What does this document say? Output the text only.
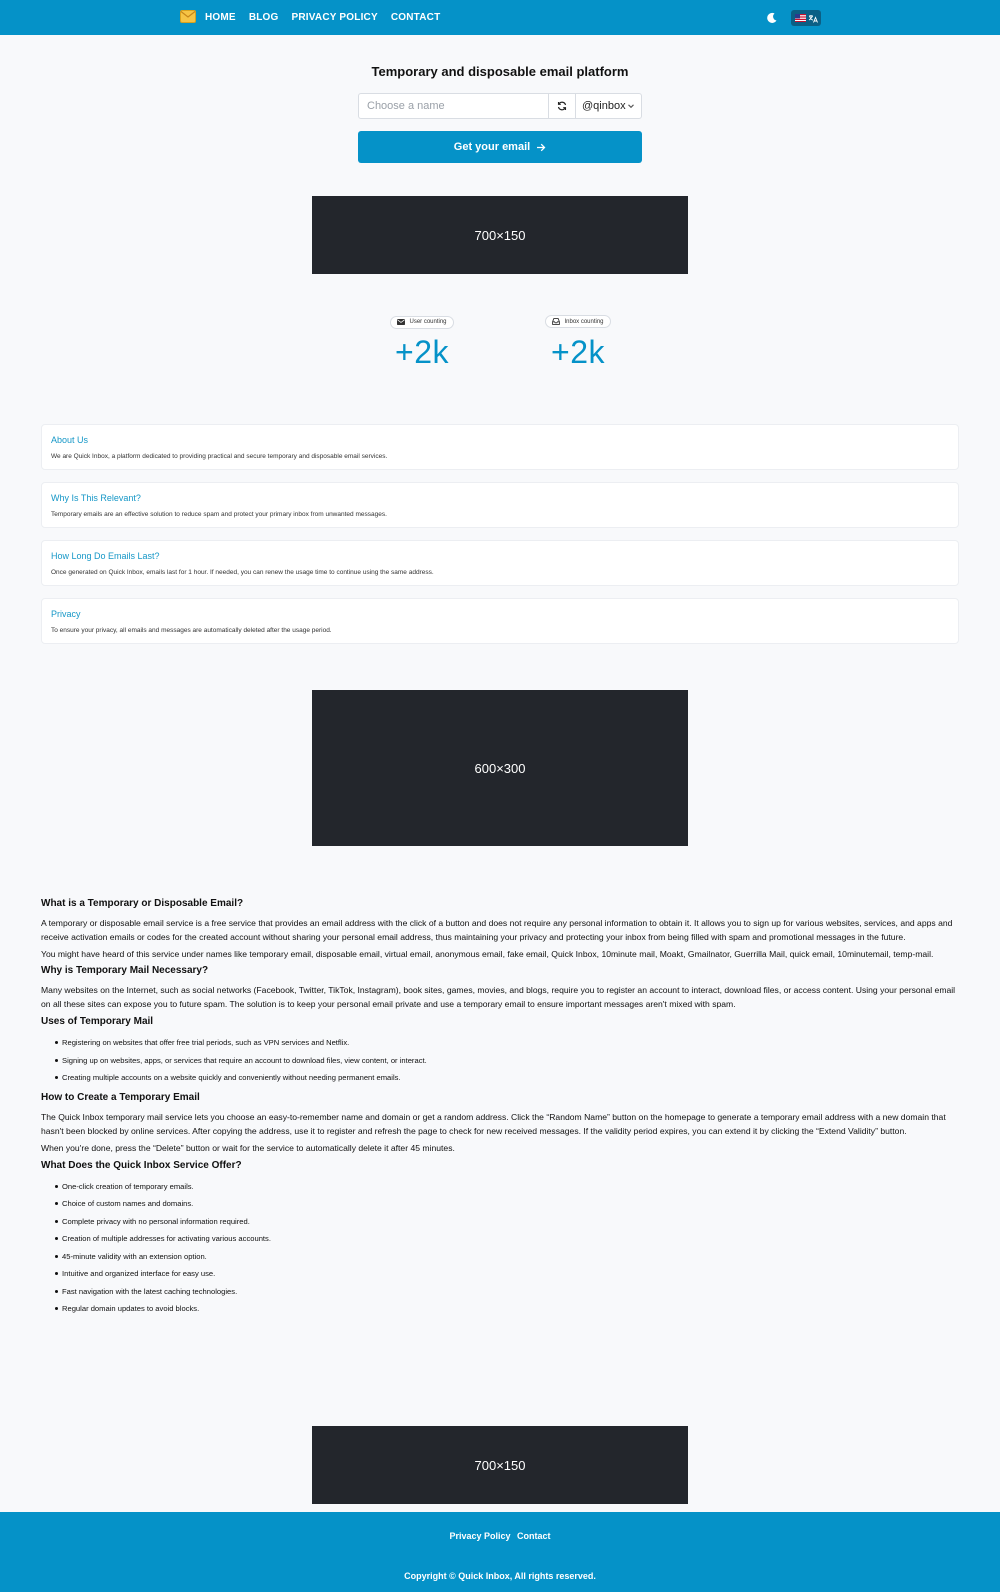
HOME BLOG PRIVACY POLICY CONTACT
Temporary and disposable email platform
Choose a name
@qinbox
Get your email
700×150
User counting
+2k
Inbox counting
+2k
About Us
We are Quick Inbox, a platform dedicated to providing practical and secure temporary and disposable email services.
Why Is This Relevant?
Temporary emails are an effective solution to reduce spam and protect your primary inbox from unwanted messages.
How Long Do Emails Last?
Once generated on Quick Inbox, emails last for 1 hour. If needed, you can renew the usage time to continue using the same address.
Privacy
To ensure your privacy, all emails and messages are automatically deleted after the usage period.
600×300
What is a Temporary or Disposable Email?

A temporary or disposable email service is a free service that provides an email address with the click of a button and does not require any personal information to obtain it. It allows you to sign up for various websites, services, and apps and receive activation emails or codes for the created account without sharing your personal email address, thus maintaining your privacy and protecting your inbox from being filled with spam and promotional messages in the future.

You might have heard of this service under names like temporary email, disposable email, virtual email, anonymous email, fake email, Quick Inbox, 10minute mail, Moakt, Gmailnator, Guerrilla Mail, quick email, 10minutemail, temp-mail.

Why is Temporary Mail Necessary?

Many websites on the Internet, such as social networks (Facebook, Twitter, TikTok, Instagram), book sites, games, movies, and blogs, require you to register an account to interact, download files, or access content. Using your personal email on all these sites can expose you to future spam. The solution is to keep your personal email private and use a temporary email to ensure important messages aren't mixed with spam.

Uses of Temporary Mail
Registering on websites that offer free trial periods, such as VPN services and Netflix.
Signing up on websites, apps, or services that require an account to download files, view content, or interact.
Creating multiple accounts on a website quickly and conveniently without needing permanent emails.
How to Create a Temporary Email

The Quick Inbox temporary mail service lets you choose an easy-to-remember name and domain or get a random address. Click the “Random Name” button on the homepage to generate a temporary email address with a new domain that hasn't been blocked by online services. After copying the address, use it to register and refresh the page to check for new received messages. If the validity period expires, you can extend it by clicking the “Extend Validity” button.

When you're done, press the “Delete” button or wait for the service to automatically delete it after 45 minutes.

What Does the Quick Inbox Service Offer?
One-click creation of temporary emails.
Choice of custom names and domains.
Complete privacy with no personal information required.
Creation of multiple addresses for activating various accounts.
45-minute validity with an extension option.
Intuitive and organized interface for easy use.
Fast navigation with the latest caching technologies.
Regular domain updates to avoid blocks.
700×150
Privacy Policy Contact
Copyright © Quick Inbox, All rights reserved.
